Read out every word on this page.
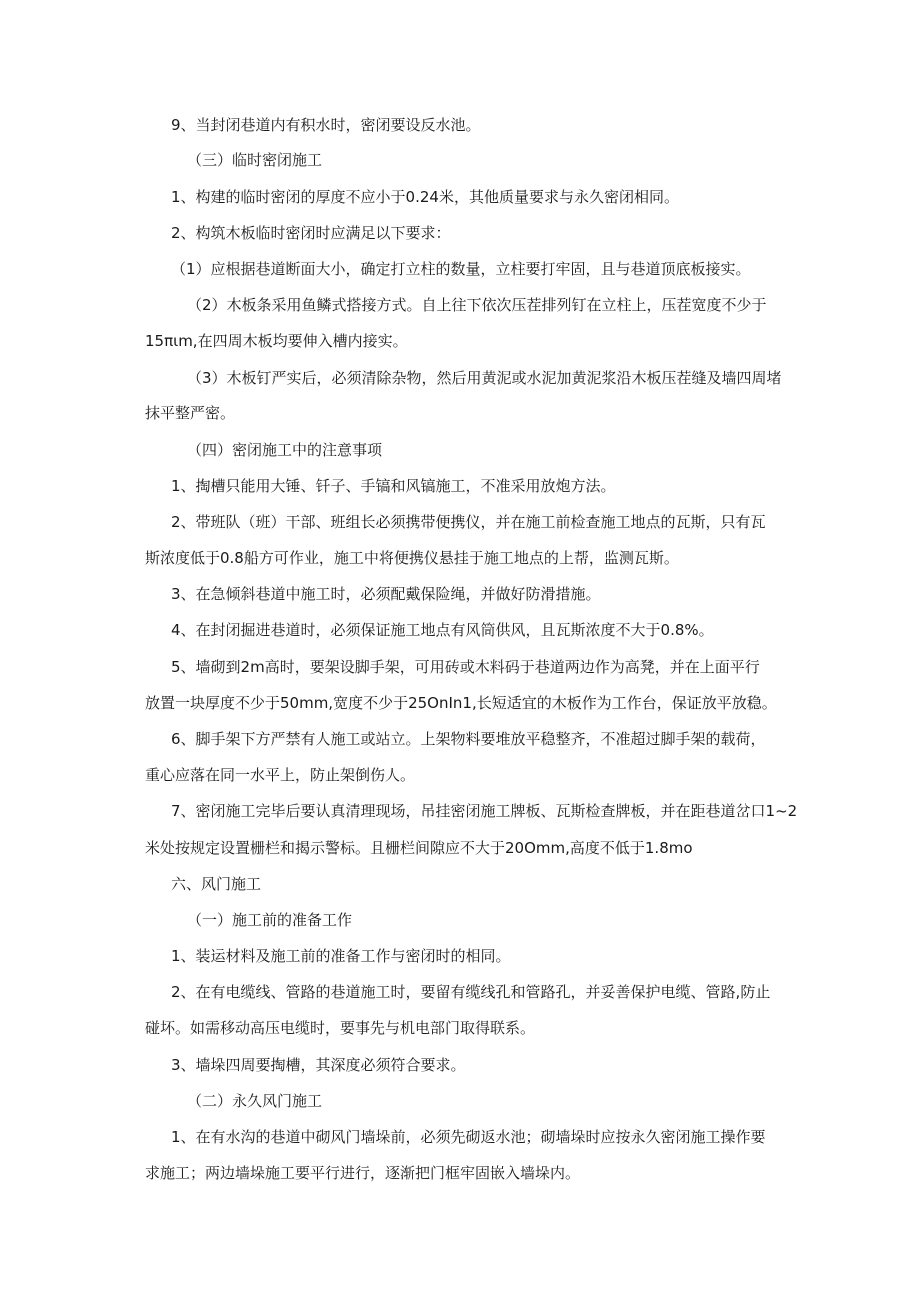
9、当封闭巷道内有积水时，密闭要设反水池。
（三）临时密闭施工
1、构建的临时密闭的厚度不应小于0.24米，其他质量要求与永久密闭相同。
2、构筑木板临时密闭时应满足以下要求：
（1）应根据巷道断面大小，确定打立柱的数量，立柱要打牢固，且与巷道顶底板接实。
（2）木板条采用鱼鳞式搭接方式。自上往下依次压茬排列钉在立柱上，压茬宽度不少于
15πιm,在四周木板均要伸入槽内接实。
（3）木板钉严实后，必须清除杂物，然后用黄泥或水泥加黄泥浆沿木板压茬缝及墙四周堵
抹平整严密。
（四）密闭施工中的注意事项
1、掏槽只能用大锤、钎子、手镐和风镐施工，不准采用放炮方法。
2、带班队（班）干部、班组长必须携带便携仪，并在施工前检查施工地点的瓦斯，只有瓦
斯浓度低于0.8船方可作业，施工中将便携仪悬挂于施工地点的上帮，监测瓦斯。
3、在急倾斜巷道中施工时，必须配戴保险绳，并做好防滑措施。
4、在封闭掘进巷道时，必须保证施工地点有风筒供风，且瓦斯浓度不大于0.8%。
5、墙砌到2m高时，要架设脚手架，可用砖或木料码于巷道两边作为高凳，并在上面平行
放置一块厚度不少于50mm,宽度不少于25OnIn1,长短适宜的木板作为工作台，保证放平放稳。
6、脚手架下方严禁有人施工或站立。上架物料要堆放平稳整齐，不准超过脚手架的载荷，
重心应落在同一水平上，防止架倒伤人。
7、密闭施工完毕后要认真清理现场，吊挂密闭施工牌板、瓦斯检查牌板，并在距巷道岔口1~2
米处按规定设置栅栏和揭示警标。且栅栏间隙应不大于20Omm,高度不低于1.8mo
六、风门施工
（一）施工前的准备工作
1、装运材料及施工前的准备工作与密闭时的相同。
2、在有电缆线、管路的巷道施工时，要留有缆线孔和管路孔，并妥善保护电缆、管路,防止
碰坏。如需移动高压电缆时，要事先与机电部门取得联系。
3、墙垛四周要掏槽，其深度必须符合要求。
（二）永久风门施工
1、在有水沟的巷道中砌风门墙垛前，必须先砌返水池；砌墙垛时应按永久密闭施工操作要
求施工；两边墙垛施工要平行进行，逐渐把门框牢固嵌入墙垛内。
